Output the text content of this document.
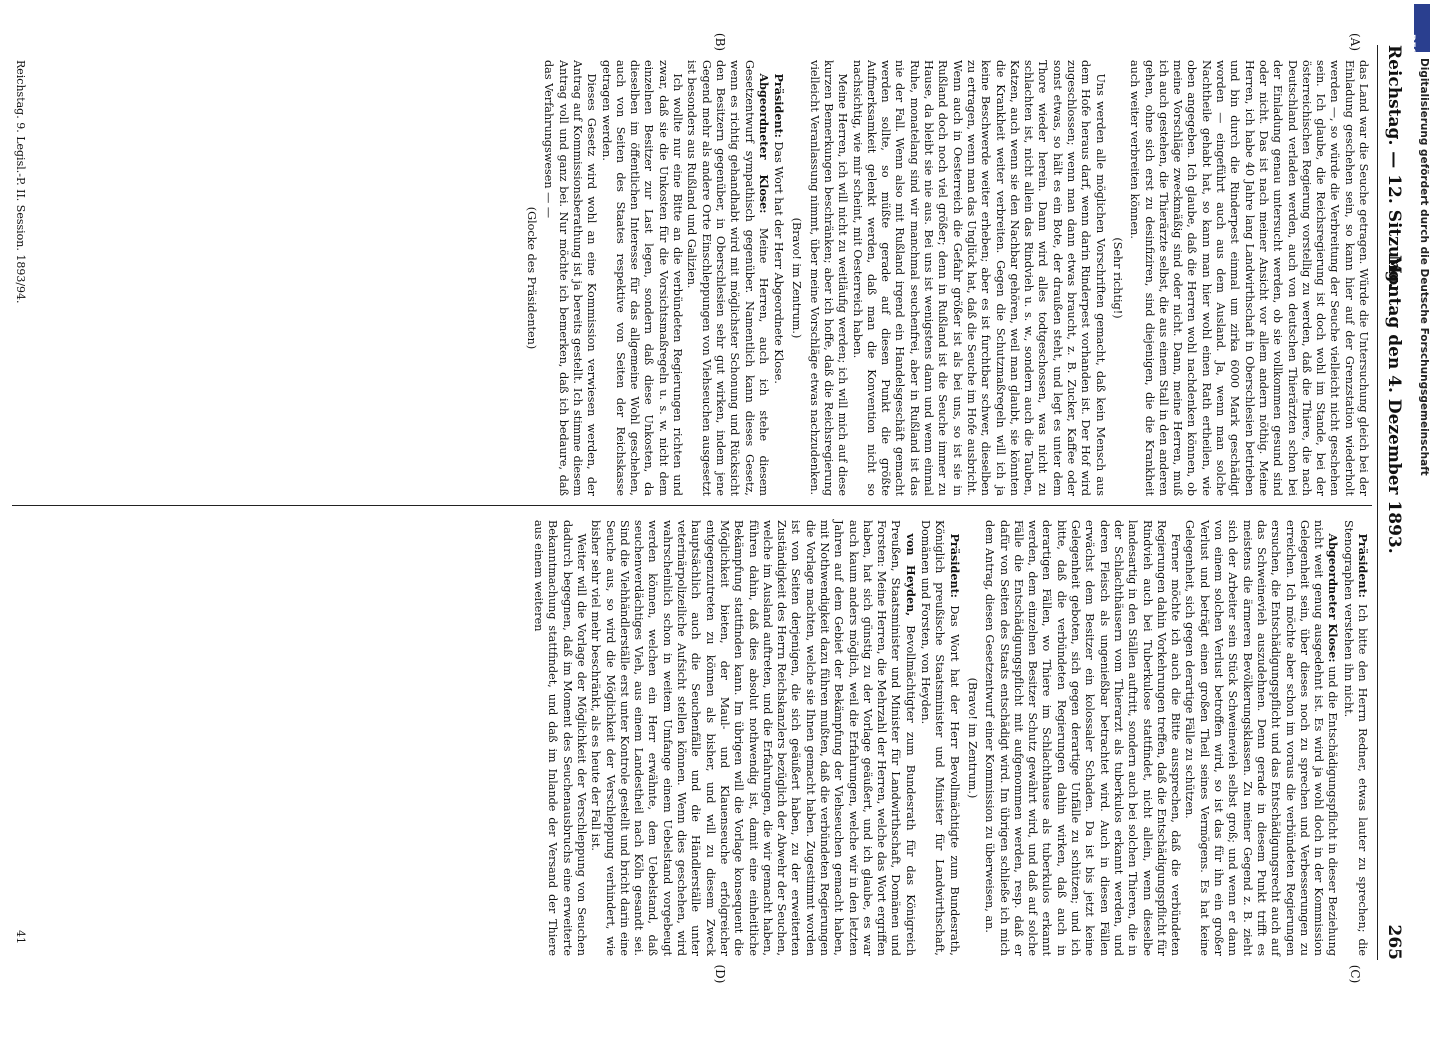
Reichstag. — 12. Sitzung.
Montag den 4. Dezember 1893.
265
(A)
(B)
(C)
(D)

das Land war die Seuche getragen. Würde die Untersuchung gleich bei der Einladung geschehen sein, so kann hier auf der Grenzstation wiederholt werden —, so würde die Verbreitung der Seuche vielleicht nicht geschehen sein. Ich glaube, die Reichsregierung ist doch wohl im Stande, bei der österreichischen Regierung vorstellig zu werden, daß die Thiere, die nach Deutschland verladen werden, auch von deutschen Thierärzten schon bei der Einladung genau untersucht werden, ob sie vollkommen gesund sind oder nicht. Das ist nach meiner Ansicht vor allem andern nöthig. Meine Herren, ich habe 40 Jahre lang Landwirthschaft in Oberschlesien betrieben und bin durch die Rinderpest einmal um zirka 6000 Mark geschädigt worden — eingeführt auch aus dem Ausland. Ja, wenn man solche Nachtheile gehabt hat, so kann man hier wohl einen Rath ertheilen, wie oben angegeben. Ich glaube, daß die Herren wohl nachdenken können, ob meine Vorschläge zweckmäßig sind oder nicht. Dann, meine Herren, muß ich auch gestehen, die Thierärzte selbst, die aus einem Stall in den anderen gehen, ohne sich erst zu desinfiziren, sind diejenigen, die die Krankheit auch weiter verbreiten können.

(Sehr richtig!)

Uns werden alle möglichen Vorschriften gemacht, daß kein Mensch aus dem Hofe heraus darf, wenn darin Rinderpest vorhanden ist. Der Hof wird zugeschlossen; wenn man dann etwas braucht, z. B. Zucker, Kaffee oder sonst etwas, so hält es ein Bote, der draußen steht, und legt es unter dem Thore wieder herein. Dann wird alles todtgeschossen, was nicht zu schlachten ist, nicht allein das Rindvieh u. s. w., sondern auch die Tauben, Katzen, auch wenn sie den Nachbar gehören, weil man glaubt, sie könnten die Krankheit weiter verbreiten. Gegen die Schutzmaßregeln will ich ja keine Beschwerde weiter erheben; aber es ist furchtbar schwer, dieselben zu ertragen, wenn man das Unglück hat, daß die Seuche im Hofe ausbricht. Wenn auch in Oesterreich die Gefahr größer ist als bei uns, so ist sie in Rußland doch noch viel größer; denn in Rußland ist die Seuche immer zu Hause, da bleibt sie nie aus. Bei uns ist wenigstens dann und wenn einmal Ruhe, monatelang sind wir manchmal seuchenfrei, aber in Rußland ist das nie der Fall. Wenn also mit Rußland irgend ein Handelsgeschäft gemacht werden sollte, so müßte gerade auf diesen Punkt die größte Aufmerksamkeit gelenkt werden, daß man die Konvention nicht so nachsichtig, wie mir scheint, mit Oesterreich haben.

Meine Herren, ich will nicht zu weitläufig werden; ich will mich auf diese kurzen Bemerkungen beschränken; aber ich hoffe, daß die Reichsregierung vielleicht Veranlassung nimmt, über meine Vorschläge etwas nachzudenken.

(Bravo! im Zentrum.)

Präsident: Das Wort hat der Herr Abgeordnete Klose.

Abgeordneter Klose: Meine Herren, auch ich stehe diesem Gesetzentwurf sympathisch gegenüber. Namentlich kann dieses Gesetz, wenn es richtig gehandhabt wird mit möglichster Schonung und Rücksicht den Besitzern gegenüber, in Oberschlesien sehr gut wirken, indem jene Gegend mehr als andere Orte Einschleppungen von Viehseuchen ausgesetzt ist besonders aus Rußland und Galizien.

Ich wollte nur eine Bitte an die verbündeten Regierungen richten und zwar, daß sie die Unkosten für die Vorsichtsmaßregeln u. s. w. nicht dem einzelnen Besitzer zur Last legen, sondern daß diese Unkosten, da dieselben im öffentlichen Interesse für das allgemeine Wohl geschehen, auch von Seiten des Staates respektive von Seiten der Reichskasse getragen werden.

Dieses Gesetz wird wohl an eine Kommission verwiesen werden, der Antrag auf Kommissionsberathung ist ja bereits gestellt. Ich stimme diesem Antrag voll und ganz bei. Nur möchte ich bemerken, daß ich bedaure, daß das Verfahrungswesen — —

(Glocke des Präsidenten)

Präsident: Ich bitte den Herrn Redner, etwas lauter zu sprechen; die Stenographen verstehen ihn nicht.

Abgeordneter Klose: und die Entschädigungspflicht in dieser Beziehung nicht weit genug ausgedehnt ist. Es wird ja wohl doch in der Kommission Gelegenheit sein, über dieses noch zu sprechen und Verbesserungen zu erreichen. Ich möchte aber schon im voraus die verbündeten Regierungen ersuchen, die Entschädigungspflicht und das Entschädigungsrecht auch auf das Schweinevieh auszudehnen. Denn gerade in diesem Punkt trifft es meistens die ärmeren Bevölkerungsklassen. Zu meiner Gegend z. B. zieht sich der Arbeiter sein Stück Schweinevieh selbst groß; und wenn er dann von einem solchen Verlust betroffen wird, so ist das für ihn ein großer Verlust und beträgt einen großen Theil seines Vermögens. Es hat keine Gelegenheit, sich gegen derartige Fälle zu schützen.

Ferner möchte ich auch die Bitte aussprechen, daß die verbündeten Regierungen dahin Vorkehrungen treffen, daß die Entschädigungspflicht für Rindvieh auch bei Tuberkulose stattfindet, nicht allein, wenn dieselbe landesartig in den Ställen auftritt, sondern auch bei solchen Thieren, die in der Schlachthäusern vom Thierarzt als tuberkulos erkannt werden, und deren Fleisch als ungenießbar betrachtet wird. Auch in diesen Fällen erwächst dem Besitzer ein kolossaler Schaden. Da ist bis jetzt keine Gelegenheit geboten, sich gegen derartige Unfälle zu schützen; und ich bitte, daß die verbündeten Regierungen dahin wirken, daß auch in derartigen Fällen, wo Thiere im Schlachthause als tuberkulos erkannt werden, dem einzelnen Besitzer Schutz gewährt wird, und daß auf solche Fälle die Entschädigungspflicht mit aufgenommen werden, resp. daß er dafür von Seiten des Staats entschädigt wird. Im übrigen schließe ich mich dem Antrag, diesen Gesetzentwurf einer Kommission zu überweisen, an.

(Bravo! im Zentrum.)

Präsident: Das Wort hat der Herr Bevollmächtigte zum Bundesrath, Königlich preußische Staatsminister und Minister für Landwirthschaft, Domänen und Forsten, von Heyden.

von Heyden, Bevollmächtigter zum Bundesrath für das Königreich Preußen, Staatsminister und Minister für Landwirthschaft, Domänen und Forsten: Meine Herren, die Mehrzahl der Herren, welche das Wort ergriffen haben, hat sich günstig zu der Vorlage geäußert, und ich glaube, es war auch kaum anders möglich, weil die Erfahrungen, welche wir in den letzten Jahren auf dem Gebiet der Bekämpfung der Viehseuchen gemacht haben, mit Nothwendigkeit dazu führen mußten, daß die verbündeten Regierungen die Vorlage machten, welche sie Ihnen gemacht haben. Zugestimmt worden ist von Seiten derjenigen, die sich geäußert haben, zu der erweiterten Zuständigkeit des Herrn Reichskanzlers bezüglich der Abwehr der Seuchen, welche im Ausland auftreten, und die Erfahrungen, die wir gemacht haben, führen dahin, daß dies absolut nothwendig ist, damit eine einheitliche Bekämpfung stattfinden kann. Im übrigen will die Vorlage konsequent die Möglichkeit bieten, der Maul- und Klauenseuche erfolgreicher entgegenzutreten zu können als bisher, und will zu diesem Zweck hauptsächlich auch die Seuchenfälle und die Händlerställe unter veterinärpolizeiliche Aufsicht stellen können. Wenn dies geschehen, wird wahrscheinlich schon in weitem Umfange einem Uebelstand vorgebeugt werden können, welchen ein Herr erwähnte, dem Uebelstand, daß seuchenverdächtiges Vieh, aus einem Landestheil nach Köln gesandt sei. Sind die Viehhändlerställe erst unter Kontrole gestellt und bricht darin eine Seuche aus, so wird die Möglichkeit der Verschleppung verhindert, wie bisher sehr viel mehr beschränkt, als es heute der Fall ist.

Weiter will die Vorlage der Möglichkeit der Verschleppung von Seuchen dadurch begegnen, daß im Moment des Seuchenausbruchs eine erweiterte Bekanntmachung stattfindet, und daß im Inlande der Versand der Thiere aus einem weiteren

Reichstag. 9. Legisl.-P. II. Session. 1893/94.
41
DFG
Digitalisierung gefördert durch die Deutsche Forschungsgemeinschaft
